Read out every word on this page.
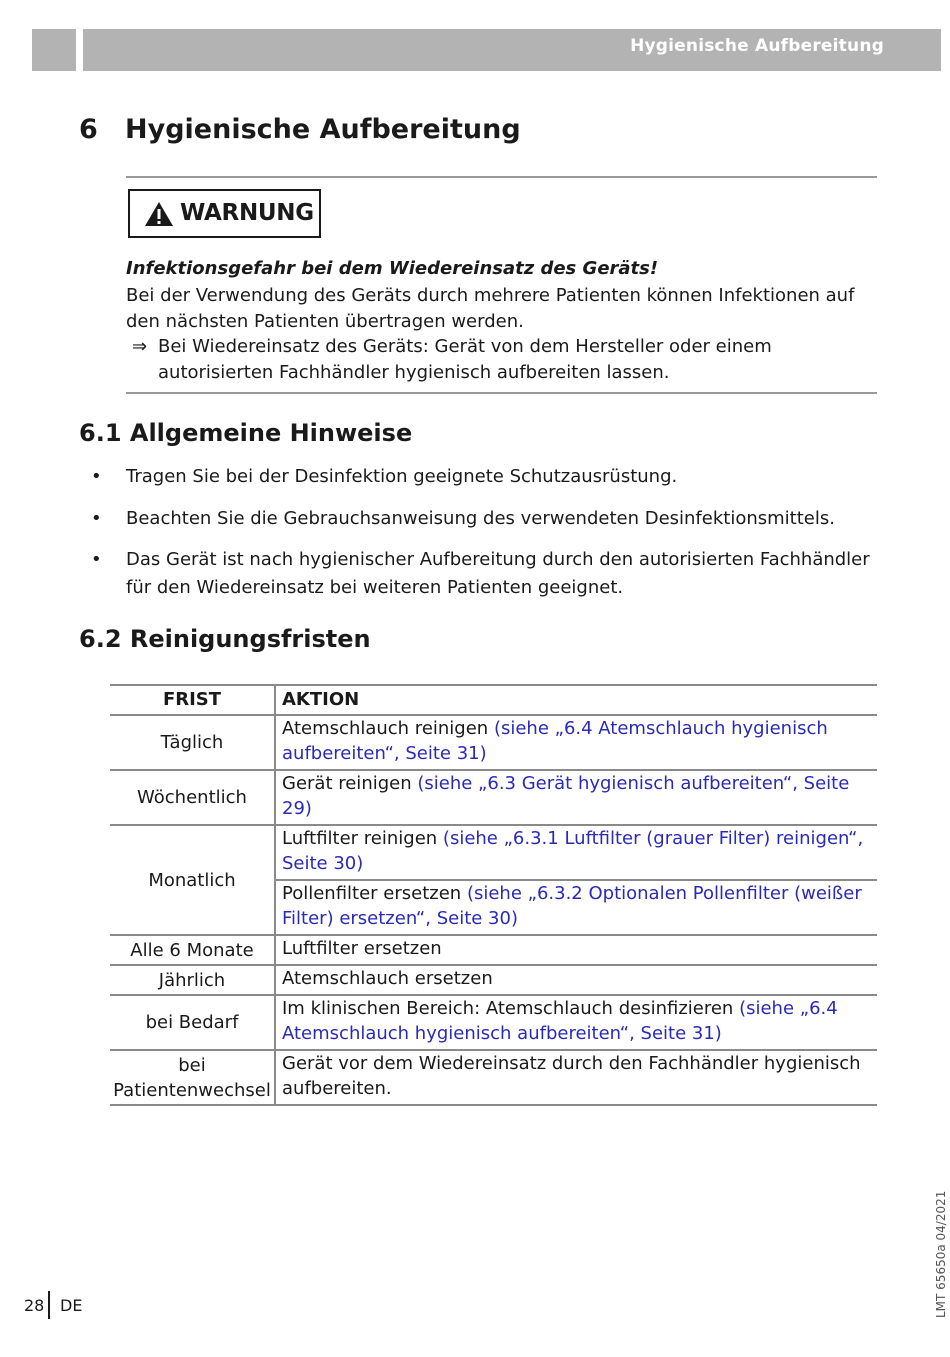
Hygienische Aufbereitung
6 Hygienische Aufbereitung
WARNUNG
Infektionsgefahr bei dem Wiedereinsatz des Geräts!
Bei der Verwendung des Geräts durch mehrere Patienten können Infektionen auf den nächsten Patienten übertragen werden.
⇒ Bei Wiedereinsatz des Geräts: Gerät von dem Hersteller oder einem autorisierten Fachhändler hygienisch aufbereiten lassen.
6.1 Allgemeine Hinweise
• Tragen Sie bei der Desinfektion geeignete Schutzausrüstung.
• Beachten Sie die Gebrauchsanweisung des verwendeten Desinfektionsmittels.
• Das Gerät ist nach hygienischer Aufbereitung durch den autorisierten Fachhändler für den Wiedereinsatz bei weiteren Patienten geeignet.
6.2 Reinigungsfristen
FRIST	AKTION
Täglich	Atemschlauch reinigen (siehe „6.4 Atemschlauch hygienisch aufbereiten“, Seite 31)
Wöchentlich	Gerät reinigen (siehe „6.3 Gerät hygienisch aufbereiten“, Seite 29)
Monatlich	Luftfilter reinigen (siehe „6.3.1 Luftfilter (grauer Filter) reinigen“, Seite 30)
	Pollenfilter ersetzen (siehe „6.3.2 Optionalen Pollenfilter (weißer Filter) ersetzen“, Seite 30)
Alle 6 Monate	Luftfilter ersetzen
Jährlich	Atemschlauch ersetzen
bei Bedarf	Im klinischen Bereich: Atemschlauch desinfizieren (siehe „6.4 Atemschlauch hygienisch aufbereiten“, Seite 31)
bei Patientenwechsel	Gerät vor dem Wiedereinsatz durch den Fachhändler hygienisch aufbereiten.
28 DE	LMT 65650a 04/2021
